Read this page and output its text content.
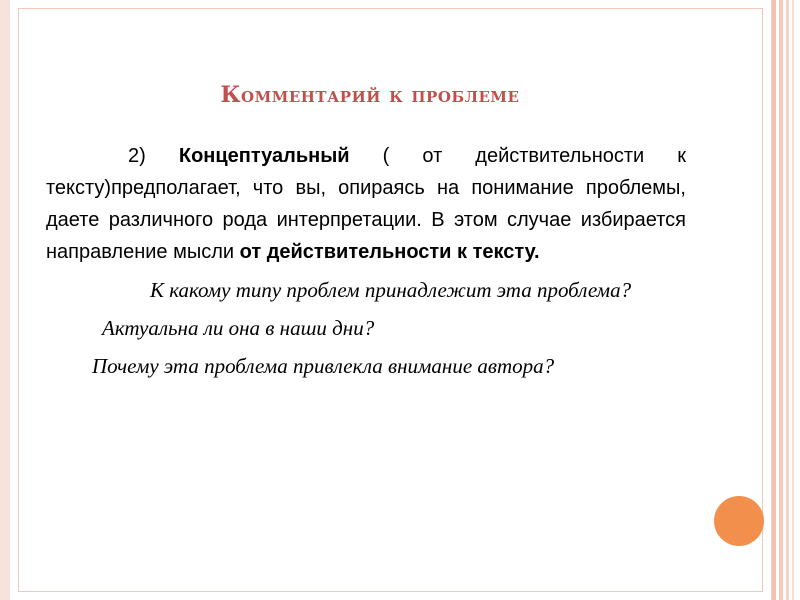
Комментарий к проблеме

2) Концептуальный ( от действительности к тексту)предполагает, что вы, опираясь на понимание проблемы, даете различного рода интерпретации. В этом случае избирается направление мысли от действительности к тексту.

К какому типу проблем принадлежит эта проблема?

Актуальна ли она в наши дни?

Почему эта проблема привлекла внимание автора?
